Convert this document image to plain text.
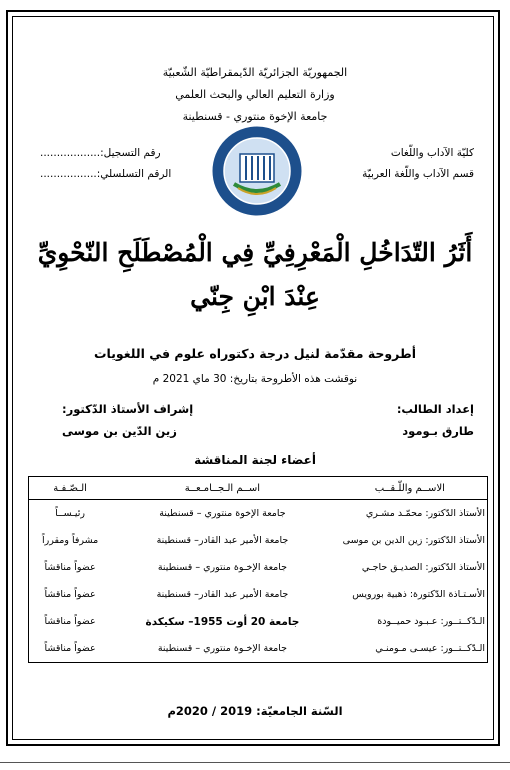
الجمهوريّة الجزائريّة الدّيمقراطيّة الشّعبيّة
وزارة التعليم العالي والبحث العلمي
جامعة الإخوة منتوري - قسنطينة
كليّة الآداب واللّغات
قسم الآداب واللّغة العربيّة
رقم التسجيل:..................
الرقم التسلسلي:.................
أَثَرُ التّدَاخُلِ الْمَعْرِفِيِّ فِي الْمُصْطَلَحِ النّحْوِيِّ
عِنْدَ ابْنِ جِنّي
أطروحة مقدّمة لنيل درجة دكتوراه علوم في اللغويات
نوقشت هذه الأطروحة بتاريخ: 30 ماي 2021 م
إعداد الطالب:
طارق بـومود
إشراف الأستاذ الدّكتور:
زين الدّين بن موسى
أعضاء لجنة المناقشة
الاســم واللّـقــب	اســم الـجــامـعــة	الـصّـفـة
الأستاذ الدّكتور: محمّـد مشـري	جامعة الإخوة منتوري – قسنطينة	رئيـســاً
الأستاذ الدّكتور: زين الدين بن موسى	جامعة الأمير عبد القادر– قسنطينة	مشرفاً ومقرراً
الأستاذ الدّكتور: الصديـق حاجـي	جامعة الإخـوة منتوري – قسنطينة	عضواً مناقشاً
الأسـتـاذة الدّكتورة: ذهبية بورويس	جامعة الأمير عبد القادر– قسنطينة	عضواً مناقشاً
الـدّكــتــور: عـبـود حميــودة	جامعة 20 أوت 1955– سكيكدة	عضواً مناقشاً
الـدّكــتــور: عيسـى مـومنـي	جامعة الإخـوة منتوري – قسنطينة	عضواً مناقشاً
السّنة الجامعيّة: 2019 / 2020م
